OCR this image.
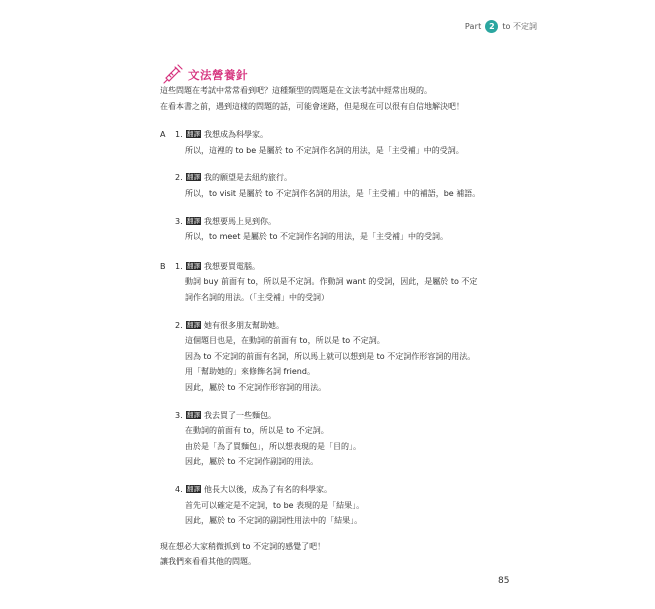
Part 2 to 不定詞
文法營養針
這些問題在考試中常常看到吧？這種類型的問題是在文法考試中經常出現的。
在看本書之前，遇到這樣的問題的話，可能會迷路，但是現在可以很有自信地解決吧！
A 1. 翻譯 我想成為科學家。
所以，這裡的 to be 是屬於 to 不定詞作名詞的用法，是「主受補」中的受詞。
2. 翻譯 我的願望是去紐約旅行。
所以，to visit 是屬於 to 不定詞作名詞的用法，是「主受補」中的補語，be 補語。
3. 翻譯 我想要馬上見到你。
所以，to meet 是屬於 to 不定詞作名詞的用法，是「主受補」中的受詞。
B 1. 翻譯 我想要買電腦。
動詞 buy 前面有 to，所以是不定詞。作動詞 want 的受詞，因此，是屬於 to 不定
詞作名詞的用法。（「主受補」中的受詞）
2. 翻譯 她有很多朋友幫助她。
這個題目也是，在動詞的前面有 to，所以是 to 不定詞。
因為 to 不定詞的前面有名詞，所以馬上就可以想到是 to 不定詞作形容詞的用法。
用「幫助她的」來修飾名詞 friend。
因此，屬於 to 不定詞作形容詞的用法。
3. 翻譯 我去買了一些麵包。
在動詞的前面有 to，所以是 to 不定詞。
由於是「為了買麵包」，所以想表現的是「目的」。
因此，屬於 to 不定詞作副詞的用法。
4. 翻譯 他長大以後，成為了有名的科學家。
首先可以確定是不定詞，to be 表現的是「結果」。
因此，屬於 to 不定詞的副詞性用法中的「結果」。
現在想必大家稍微抓到 to 不定詞的感覺了吧！
讓我們來看看其他的問題。
85
